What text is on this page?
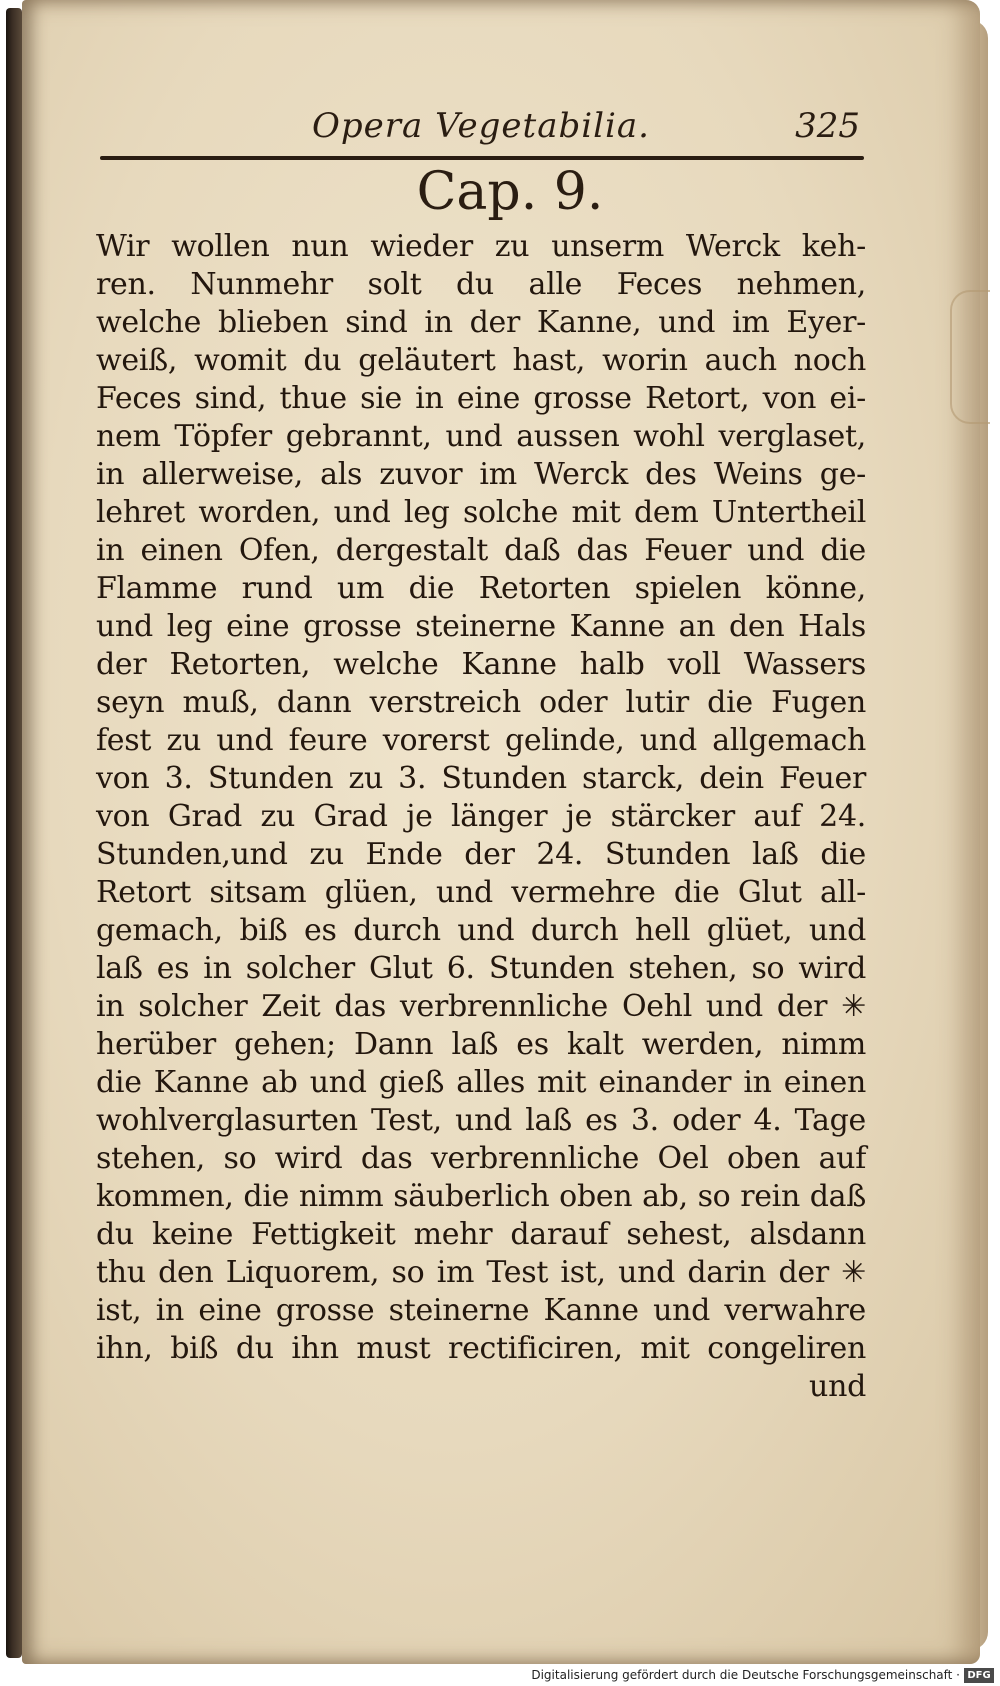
Opera Vegetabilia.	325
Cap. 9.
Wir wollen nun wieder zu unserm Werck keh-
ren. Nunmehr solt du alle Feces nehmen,
welche blieben sind in der Kanne, und im Eyer-
weiß, womit du geläutert hast, worin auch noch
Feces sind, thue sie in eine grosse Retort, von ei-
nem Töpfer gebrannt, und aussen wohl verglaset,
in allerweise, als zuvor im Werck des Weins ge-
lehret worden, und leg solche mit dem Untertheil
in einen Ofen, dergestalt daß das Feuer und die
Flamme rund um die Retorten spielen könne,
und leg eine grosse steinerne Kanne an den Hals
der Retorten, welche Kanne halb voll Wassers
seyn muß, dann verstreich oder lutir die Fugen
fest zu und feure vorerst gelinde, und allgemach
von 3. Stunden zu 3. Stunden starck, dein Feuer
von Grad zu Grad je länger je stärcker auf 24.
Stunden,und zu Ende der 24. Stunden laß die
Retort sitsam glüen, und vermehre die Glut all-
gemach, biß es durch und durch hell glüet, und
laß es in solcher Glut 6. Stunden stehen, so wird
in solcher Zeit das verbrennliche Oehl und der ✳
herüber gehen; Dann laß es kalt werden, nimm
die Kanne ab und gieß alles mit einander in einen
wohlverglasurten Test, und laß es 3. oder 4. Tage
stehen, so wird das verbrennliche Oel oben auf
kommen, die nimm säuberlich oben ab, so rein daß
du keine Fettigkeit mehr darauf sehest, alsdann
thu den Liquorem, so im Test ist, und darin der ✳
ist, in eine grosse steinerne Kanne und verwahre
ihn, biß du ihn must rectificiren, mit congeliren
und
Digitalisierung gefördert durch die Deutsche Forschungsgemeinschaft · DFG
